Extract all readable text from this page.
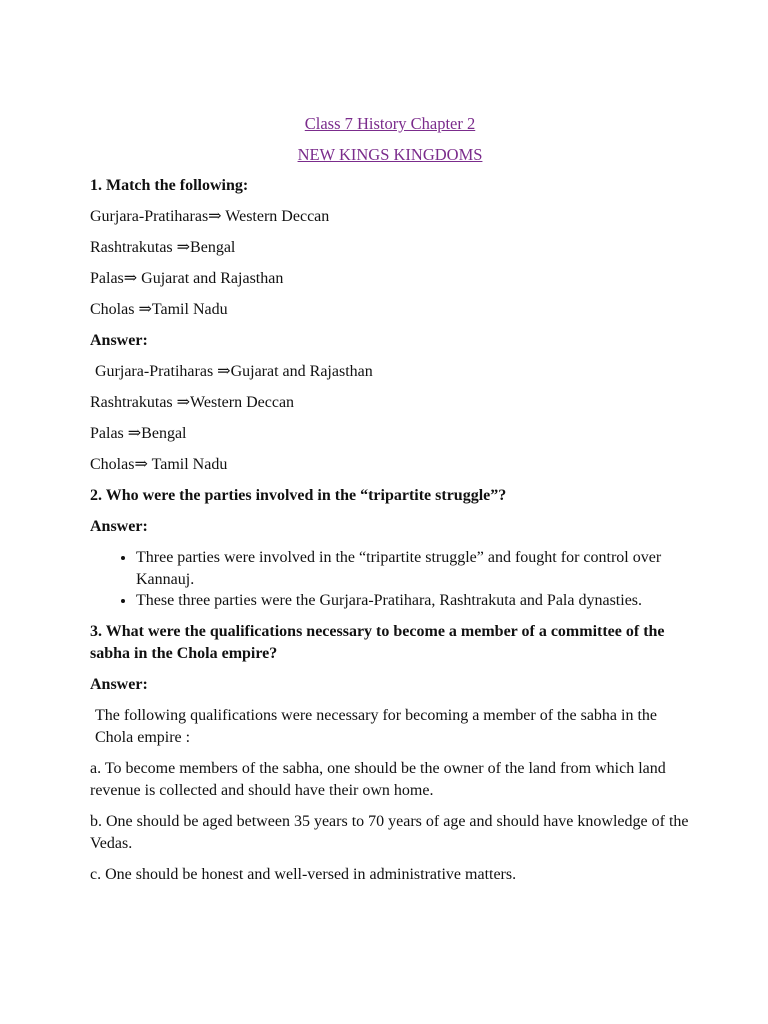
Class 7 History Chapter 2

NEW KINGS KINGDOMS

1. Match the following:

Gurjara-Pratiharas⇒ Western Deccan

Rashtrakutas ⇒Bengal

Palas⇒ Gujarat and Rajasthan

Cholas ⇒Tamil Nadu

Answer:

Gurjara-Pratiharas ⇒Gujarat and Rajasthan

Rashtrakutas ⇒Western Deccan

Palas ⇒Bengal

Cholas⇒ Tamil Nadu

2. Who were the parties involved in the “tripartite struggle”?

Answer:

• Three parties were involved in the “tripartite struggle” and fought for control over Kannauj.
• These three parties were the Gurjara-Pratihara, Rashtrakuta and Pala dynasties.

3. What were the qualifications necessary to become a member of a committee of the sabha in the Chola empire?

Answer:

The following qualifications were necessary for becoming a member of the sabha in the Chola empire :

a. To become members of the sabha, one should be the owner of the land from which land revenue is collected and should have their own home.

b. One should be aged between 35 years to 70 years of age and should have knowledge of the Vedas.

c. One should be honest and well-versed in administrative matters.
